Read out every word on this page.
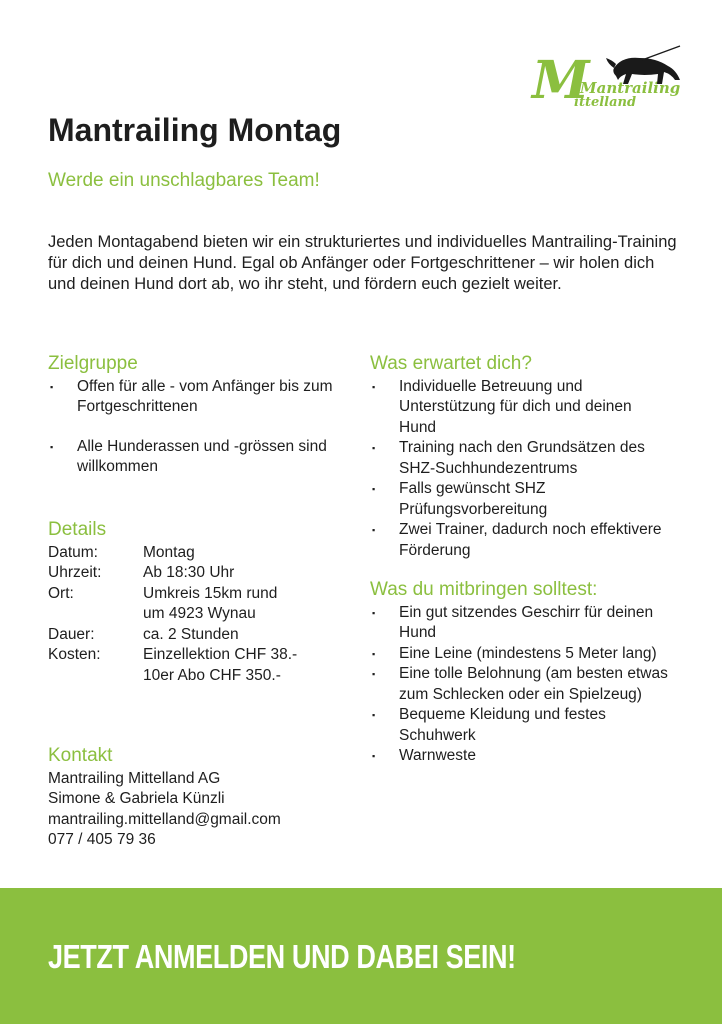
M
Mantrailing
ittelland
Mantrailing Montag

Werde ein unschlagbares Team!

Jeden Montagabend bieten wir ein strukturiertes und individuelles Mantrailing-Training für dich und deinen Hund. Egal ob Anfänger oder Fortgeschrittener – wir holen dich und deinen Hund dort ab, wo ihr steht, und fördern euch gezielt weiter.

Zielgruppe
▪ Offen für alle - vom Anfänger bis zum Fortgeschrittenen
▪ Alle Hunderassen und -grössen sind willkommen
Details
Datum:	Montag
Uhrzeit:	Ab 18:30 Uhr
Ort:	Umkreis 15km rund
um 4923 Wynau
Dauer:	ca. 2 Stunden
Kosten:	Einzellektion CHF 38.-
10er Abo CHF 350.-
Kontakt
Mantrailing Mittelland AG
Simone & Gabriela Künzli
mantrailing.mittelland@gmail.com
077 / 405 79 36
Was erwartet dich?
▪ Individuelle Betreuung und Unterstützung für dich und deinen Hund
▪ Training nach den Grundsätzen des SHZ-Suchhundezentrums
▪ Falls gewünscht SHZ Prüfungsvorbereitung
▪ Zwei Trainer, dadurch noch effektivere Förderung
Was du mitbringen solltest:
▪ Ein gut sitzendes Geschirr für deinen Hund
▪ Eine Leine (mindestens 5 Meter lang)
▪ Eine tolle Belohnung (am besten etwas zum Schlecken oder ein Spielzeug)
▪ Bequeme Kleidung und festes Schuhwerk
▪ Warnweste

JETZT ANMELDEN UND DABEI SEIN!
